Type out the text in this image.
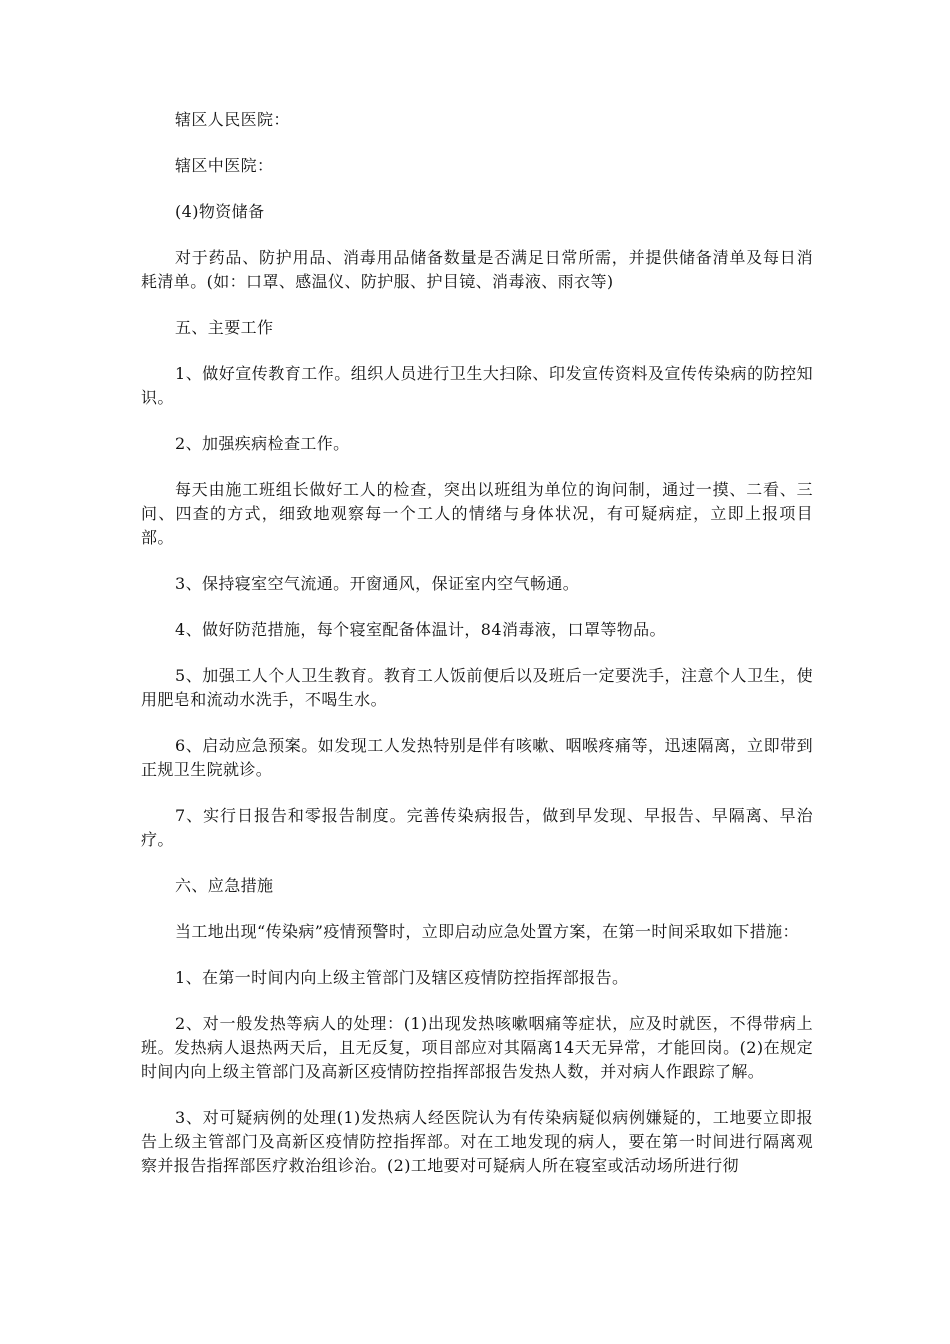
辖区人民医院：

辖区中医院：

(4)物资储备

对于药品、防护用品、消毒用品储备数量是否满足日常所需，并提供储备清单及每日消耗清单。(如：口罩、感温仪、防护服、护目镜、消毒液、雨衣等)

五、主要工作

1、做好宣传教育工作。组织人员进行卫生大扫除、印发宣传资料及宣传传染病的防控知识。

2、加强疾病检查工作。

每天由施工班组长做好工人的检查，突出以班组为单位的询问制，通过一摸、二看、三问、四查的方式，细致地观察每一个工人的情绪与身体状况，有可疑病症，立即上报项目部。

3、保持寝室空气流通。开窗通风，保证室内空气畅通。

4、做好防范措施，每个寝室配备体温计，84消毒液，口罩等物品。

5、加强工人个人卫生教育。教育工人饭前便后以及班后一定要洗手，注意个人卫生，使用肥皂和流动水洗手，不喝生水。

6、启动应急预案。如发现工人发热特别是伴有咳嗽、咽喉疼痛等，迅速隔离，立即带到正规卫生院就诊。

7、实行日报告和零报告制度。完善传染病报告，做到早发现、早报告、早隔离、早治疗。

六、应急措施

当工地出现“传染病”疫情预警时，立即启动应急处置方案，在第一时间采取如下措施：

1、在第一时间内向上级主管部门及辖区疫情防控指挥部报告。

2、对一般发热等病人的处理：(1)出现发热咳嗽咽痛等症状，应及时就医，不得带病上班。发热病人退热两天后，且无反复，项目部应对其隔离14天无异常，才能回岗。(2)在规定时间内向上级主管部门及高新区疫情防控指挥部报告发热人数，并对病人作跟踪了解。

3、对可疑病例的处理(1)发热病人经医院认为有传染病疑似病例嫌疑的，工地要立即报告上级主管部门及高新区疫情防控指挥部。对在工地发现的病人，要在第一时间进行隔离观察并报告指挥部医疗救治组诊治。(2)工地要对可疑病人所在寝室或活动场所进行彻
